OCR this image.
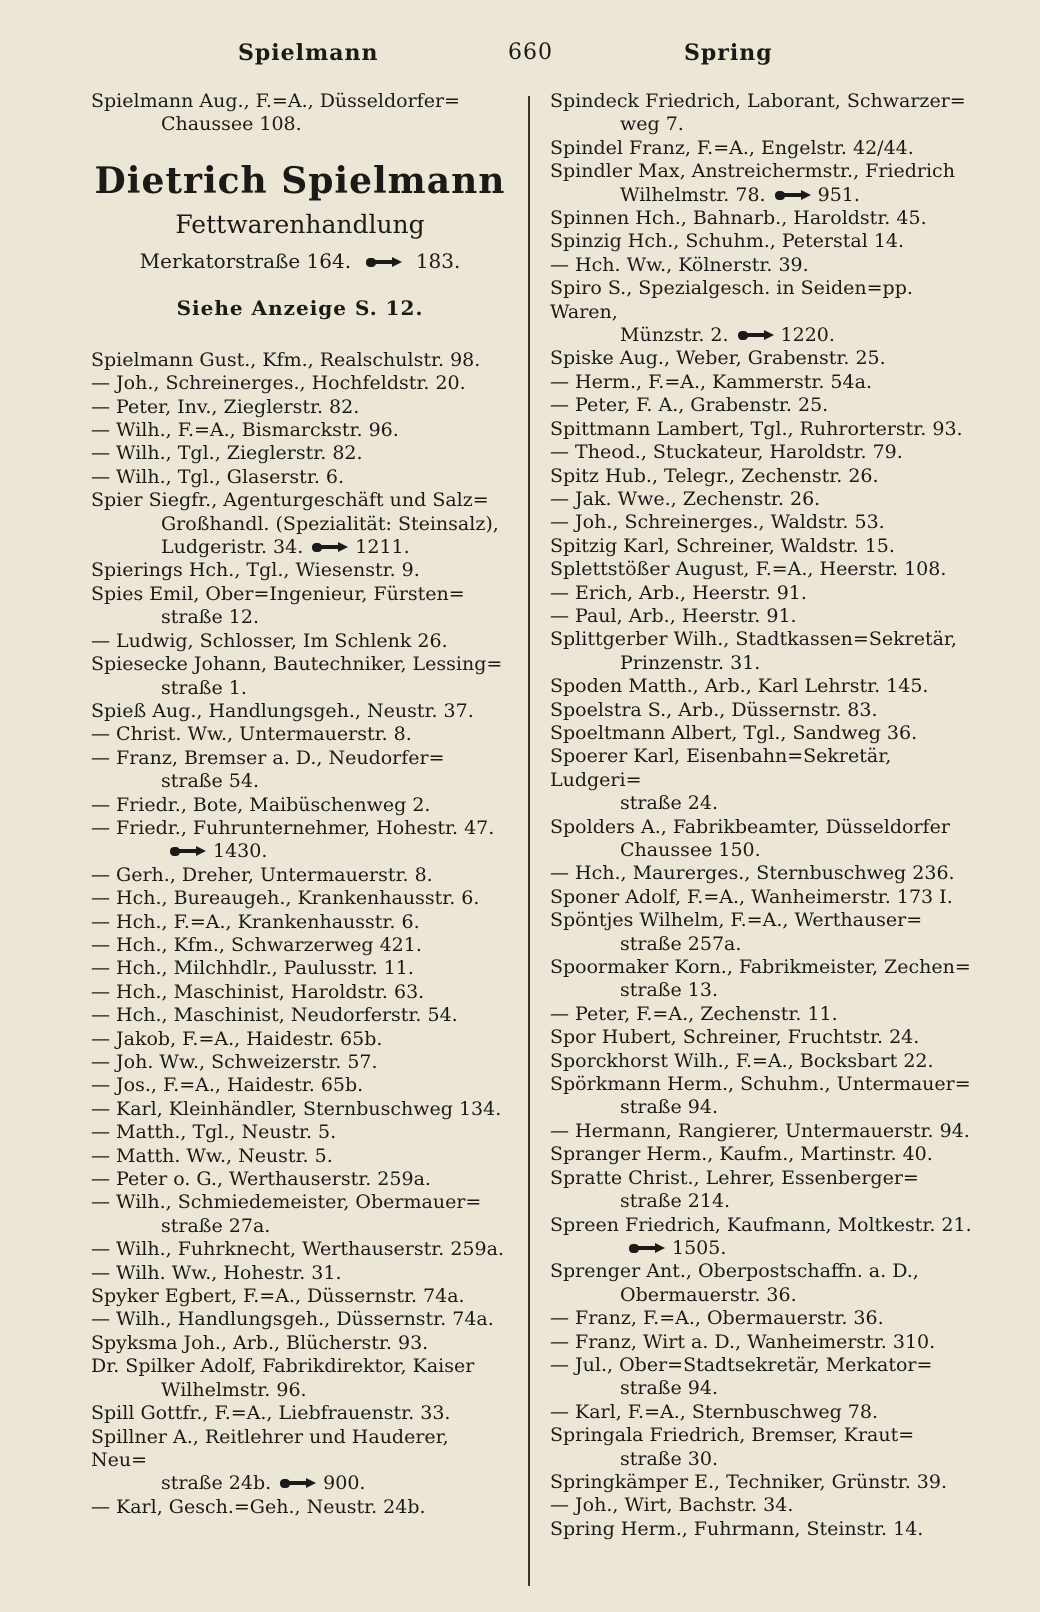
Spielmann	660	Spring
Spielmann Aug., F.=A., Düsseldorfer=
Chaussee 108.
Dietrich Spielmann
Fettwarenhandlung
Merkatorstraße 164.	183.
Siehe Anzeige S. 12.
Spielmann Gust., Kfm., Realschulstr. 98.
— Joh., Schreinerges., Hochfeldstr. 20.
— Peter, Inv., Zieglerstr. 82.
— Wilh., F.=A., Bismarckstr. 96.
— Wilh., Tgl., Zieglerstr. 82.
— Wilh., Tgl., Glaserstr. 6.
Spier Siegfr., Agenturgeschäft und Salz=
Großhandl. (Spezialität: Steinsalz),
Ludgeristr. 34.	1211.
Spierings Hch., Tgl., Wiesenstr. 9.
Spies Emil, Ober=Ingenieur, Fürsten=
straße 12.
— Ludwig, Schlosser, Im Schlenk 26.
Spiesecke Johann, Bautechniker, Lessing=
straße 1.
Spieß Aug., Handlungsgeh., Neustr. 37.
— Christ. Ww., Untermauerstr. 8.
— Franz, Bremser a. D., Neudorfer=
straße 54.
— Friedr., Bote, Maibüschenweg 2.
— Friedr., Fuhrunternehmer, Hohestr. 47.
1430.
— Gerh., Dreher, Untermauerstr. 8.
— Hch., Bureaugeh., Krankenhausstr. 6.
— Hch., F.=A., Krankenhausstr. 6.
— Hch., Kfm., Schwarzerweg 421.
— Hch., Milchhdlr., Paulusstr. 11.
— Hch., Maschinist, Haroldstr. 63.
— Hch., Maschinist, Neudorferstr. 54.
— Jakob, F.=A., Haidestr. 65b.
— Joh. Ww., Schweizerstr. 57.
— Jos., F.=A., Haidestr. 65b.
— Karl, Kleinhändler, Sternbuschweg 134.
— Matth., Tgl., Neustr. 5.
— Matth. Ww., Neustr. 5.
— Peter o. G., Werthauserstr. 259a.
— Wilh., Schmiedemeister, Obermauer=
straße 27a.
— Wilh., Fuhrknecht, Werthauserstr. 259a.
— Wilh. Ww., Hohestr. 31.
Spyker Egbert, F.=A., Düssernstr. 74a.
— Wilh., Handlungsgeh., Düssernstr. 74a.
Spyksma Joh., Arb., Blücherstr. 93.
Dr. Spilker Adolf, Fabrikdirektor, Kaiser
Wilhelmstr. 96.
Spill Gottfr., F.=A., Liebfrauenstr. 33.
Spillner A., Reitlehrer und Hauderer, Neu=
straße 24b.	900.
— Karl, Gesch.=Geh., Neustr. 24b.
Spindeck Friedrich, Laborant, Schwarzer=
weg 7.
Spindel Franz, F.=A., Engelstr. 42/44.
Spindler Max, Anstreichermstr., Friedrich
Wilhelmstr. 78.	951.
Spinnen Hch., Bahnarb., Haroldstr. 45.
Spinzig Hch., Schuhm., Peterstal 14.
— Hch. Ww., Kölnerstr. 39.
Spiro S., Spezialgesch. in Seiden=pp. Waren,
Münzstr. 2.	1220.
Spiske Aug., Weber, Grabenstr. 25.
— Herm., F.=A., Kammerstr. 54a.
— Peter, F. A., Grabenstr. 25.
Spittmann Lambert, Tgl., Ruhrorterstr. 93.
— Theod., Stuckateur, Haroldstr. 79.
Spitz Hub., Telegr., Zechenstr. 26.
— Jak. Wwe., Zechenstr. 26.
— Joh., Schreinerges., Waldstr. 53.
Spitzig Karl, Schreiner, Waldstr. 15.
Splettstößer August, F.=A., Heerstr. 108.
— Erich, Arb., Heerstr. 91.
— Paul, Arb., Heerstr. 91.
Splittgerber Wilh., Stadtkassen=Sekretär,
Prinzenstr. 31.
Spoden Matth., Arb., Karl Lehrstr. 145.
Spoelstra S., Arb., Düssernstr. 83.
Spoeltmann Albert, Tgl., Sandweg 36.
Spoerer Karl, Eisenbahn=Sekretär, Ludgeri=
straße 24.
Spolders A., Fabrikbeamter, Düsseldorfer
Chaussee 150.
— Hch., Maurerges., Sternbuschweg 236.
Sponer Adolf, F.=A., Wanheimerstr. 173 I.
Spöntjes Wilhelm, F.=A., Werthauser=
straße 257a.
Spoormaker Korn., Fabrikmeister, Zechen=
straße 13.
— Peter, F.=A., Zechenstr. 11.
Spor Hubert, Schreiner, Fruchtstr. 24.
Sporckhorst Wilh., F.=A., Bocksbart 22.
Spörkmann Herm., Schuhm., Untermauer=
straße 94.
— Hermann, Rangierer, Untermauerstr. 94.
Spranger Herm., Kaufm., Martinstr. 40.
Spratte Christ., Lehrer, Essenberger=
straße 214.
Spreen Friedrich, Kaufmann, Moltkestr. 21.
1505.
Sprenger Ant., Oberpostschaffn. a. D.,
Obermauerstr. 36.
— Franz, F.=A., Obermauerstr. 36.
— Franz, Wirt a. D., Wanheimerstr. 310.
— Jul., Ober=Stadtsekretär, Merkator=
straße 94.
— Karl, F.=A., Sternbuschweg 78.
Springala Friedrich, Bremser, Kraut=
straße 30.
Springkämper E., Techniker, Grünstr. 39.
— Joh., Wirt, Bachstr. 34.
Spring Herm., Fuhrmann, Steinstr. 14.
